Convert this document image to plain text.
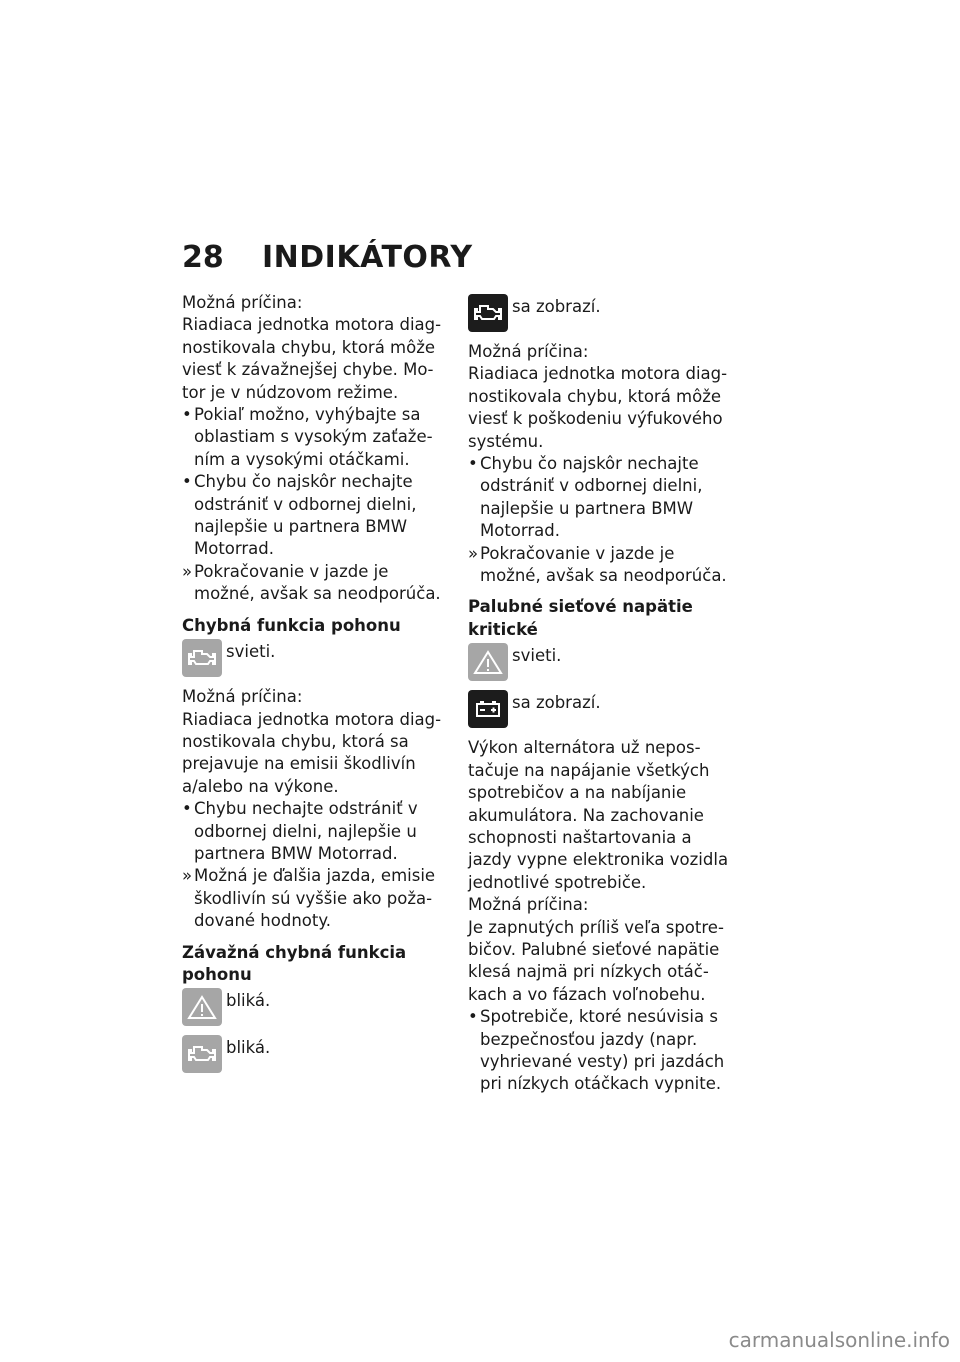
28	INDIKÁTORY

Možná príčina:

Riadiaca jednotka motora diagnostikovala chybu, ktorá môže viesť k závažnejšej chybe. Motor je v núdzovom režime.

• Pokiaľ možno, vyhýbajte sa oblastiam s vysokým zaťažením a vysokými otáčkami.

• Chybu čo najskôr nechajte odstrániť v odbornej dielni, najlepšie u partnera BMW Motorrad.

» Pokračovanie v jazde je možné, avšak sa neodporúča.

Chybná funkcia pohonu

svieti.

Možná príčina:

Riadiaca jednotka motora diagnostikovala chybu, ktorá sa prejavuje na emisii škodlivín a/alebo na výkone.

• Chybu nechajte odstrániť v odbornej dielni, najlepšie u partnera BMW Motorrad.

» Možná je ďalšia jazda, emisie škodlivín sú vyššie ako požadované hodnoty.

Závažná chybná funkcia pohonu

bliká.
bliká.
sa zobrazí.

Možná príčina:

Riadiaca jednotka motora diagnostikovala chybu, ktorá môže viesť k poškodeniu výfukového systému.

• Chybu čo najskôr nechajte odstrániť v odbornej dielni, najlepšie u partnera BMW Motorrad.

» Pokračovanie v jazde je možné, avšak sa neodporúča.

Palubné sieťové napätie kritické

svieti.
sa zobrazí.

Výkon alternátora už nepostačuje na napájanie všetkých spotrebičov a na nabíjanie akumulátora. Na zachovanie schopnosti naštartovania a jazdy vypne elektronika vozidla jednotlivé spotrebiče.

Možná príčina:

Je zapnutých príliš veľa spotrebičov. Palubné sieťové napätie klesá najmä pri nízkych otáčkach a vo fázach voľnobehu.

• Spotrebiče, ktoré nesúvisia s bezpečnosťou jazdy (napr. vyhrievané vesty) pri jazdách pri nízkych otáčkach vypnite.

carmanualsonline.info
